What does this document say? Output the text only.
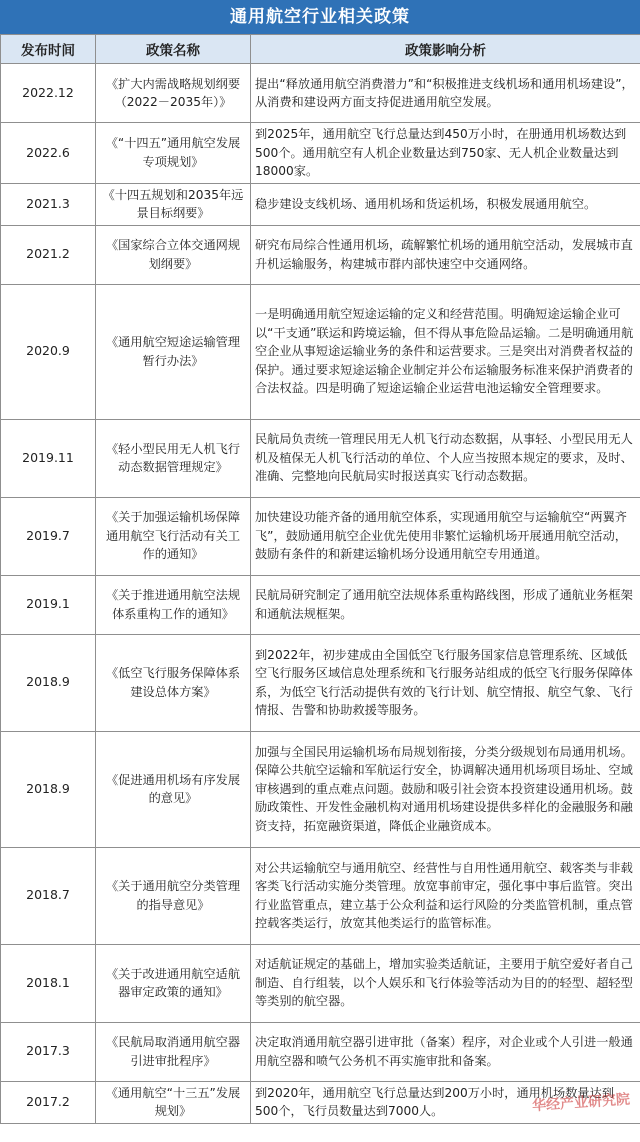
通用航空行业相关政策
发布时间	政策名称	政策影响分析
2022.12	《扩大内需战略规划纲要（2022－2035年）》	提出“释放通用航空消费潜力”和“积极推进支线机场和通用机场建设”，从消费和建设两方面支持促进通用航空发展。
2022.6	《“十四五”通用航空发展专项规划》	到2025年，通用航空飞行总量达到450万小时，在册通用机场数达到500个。通用航空有人机企业数量达到750家、无人机企业数量达到18000家。
2021.3	《十四五规划和2035年远景目标纲要》	稳步建设支线机场、通用机场和货运机场，积极发展通用航空。
2021.2	《国家综合立体交通网规划纲要》	研究布局综合性通用机场，疏解繁忙机场的通用航空活动，发展城市直升机运输服务，构建城市群内部快速空中交通网络。
2020.9	《通用航空短途运输管理暂行办法》	一是明确通用航空短途运输的定义和经营范围。明确短途运输企业可以“干支通”联运和跨境运输，但不得从事危险品运输。二是明确通用航空企业从事短途运输业务的条件和运营要求。三是突出对消费者权益的保护。通过要求短途运输企业制定并公布运输服务标准来保护消费者的合法权益。四是明确了短途运输企业运营电池运输安全管理要求。
2019.11	《轻小型民用无人机飞行动态数据管理规定》	民航局负责统一管理民用无人机飞行动态数据，从事轻、小型民用无人机及植保无人机飞行活动的单位、个人应当按照本规定的要求，及时、准确、完整地向民航局实时报送真实飞行动态数据。
2019.7	《关于加强运输机场保障通用航空飞行活动有关工作的通知》	加快建设功能齐备的通用航空体系，实现通用航空与运输航空“两翼齐飞”，鼓励通用航空企业优先使用非繁忙运输机场开展通用航空活动，鼓励有条件的和新建运输机场分设通用航空专用通道。
2019.1	《关于推进通用航空法规体系重构工作的通知》	民航局研究制定了通用航空法规体系重构路线图，形成了通航业务框架和通航法规框架。
2018.9	《低空飞行服务保障体系建设总体方案》	到2022年，初步建成由全国低空飞行服务国家信息管理系统、区域低空飞行服务区域信息处理系统和飞行服务站组成的低空飞行服务保障体系，为低空飞行活动提供有效的飞行计划、航空情报、航空气象、飞行情报、告警和协助救援等服务。
2018.9	《促进通用机场有序发展的意见》	加强与全国民用运输机场布局规划衔接，分类分级规划布局通用机场。保障公共航空运输和军航运行安全，协调解决通用机场项目场址、空域审核遇到的重点难点问题。鼓励和吸引社会资本投资建设通用机场。鼓励政策性、开发性金融机构对通用机场建设提供多样化的金融服务和融资支持，拓宽融资渠道，降低企业融资成本。
2018.7	《关于通用航空分类管理的指导意见》	对公共运输航空与通用航空、经营性与自用性通用航空、载客类与非载客类飞行活动实施分类管理。放宽事前审定，强化事中事后监管。突出行业监管重点，建立基于公众利益和运行风险的分类监管机制，重点管控载客类运行，放宽其他类运行的监管标准。
2018.1	《关于改进通用航空适航器审定政策的通知》	对适航证规定的基础上，增加实验类适航证，主要用于航空爱好者自己制造、自行组装，以个人娱乐和飞行体验等活动为目的的轻型、超轻型等类别的航空器。
2017.3	《民航局取消通用航空器引进审批程序》	决定取消通用航空器引进审批（备案）程序，对企业或个人引进一般通用航空器和喷气公务机不再实施审批和备案。
2017.2	《通用航空“十三五”发展规划》	到2020年，通用航空飞行总量达到200万小时，通用机场数量达到500个，飞行员数量达到7000人。	华经产业研究院
